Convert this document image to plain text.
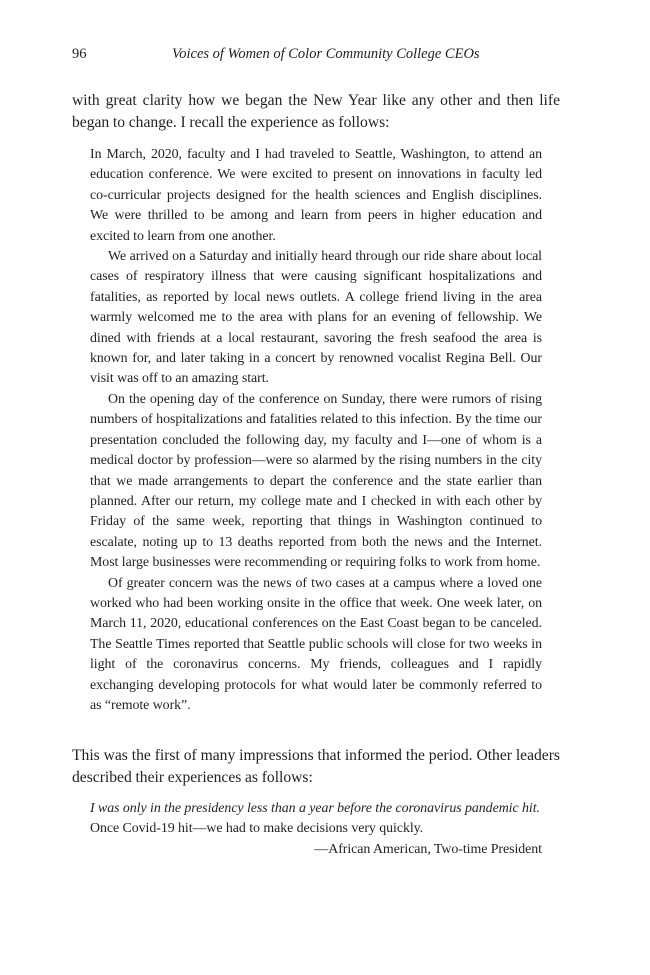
96	Voices of Women of Color Community College CEOs

with great clarity how we began the New Year like any other and then life began to change. I recall the experience as follows:

In March, 2020, faculty and I had traveled to Seattle, Washington, to attend an education conference. We were excited to present on innovations in faculty led co-curricular projects designed for the health sciences and English disciplines. We were thrilled to be among and learn from peers in higher education and excited to learn from one another.

We arrived on a Saturday and initially heard through our ride share about local cases of respiratory illness that were causing significant hospitalizations and fatalities, as reported by local news outlets. A college friend living in the area warmly welcomed me to the area with plans for an evening of fellowship. We dined with friends at a local restaurant, savoring the fresh seafood the area is known for, and later taking in a concert by renowned vocalist Regina Bell. Our visit was off to an amazing start.

On the opening day of the conference on Sunday, there were rumors of rising numbers of hospitalizations and fatalities related to this infection. By the time our presentation concluded the following day, my faculty and I—one of whom is a medical doctor by profession—were so alarmed by the rising numbers in the city that we made arrangements to depart the conference and the state earlier than planned. After our return, my college mate and I checked in with each other by Friday of the same week, reporting that things in Washington continued to escalate, noting up to 13 deaths reported from both the news and the Internet. Most large businesses were recommending or requiring folks to work from home.

Of greater concern was the news of two cases at a campus where a loved one worked who had been working onsite in the office that week. One week later, on March 11, 2020, educational conferences on the East Coast began to be canceled. The Seattle Times reported that Seattle public schools will close for two weeks in light of the coronavirus concerns. My friends, colleagues and I rapidly exchanging developing protocols for what would later be commonly referred to as “remote work”.

This was the first of many impressions that informed the period. Other leaders described their experiences as follows:

I was only in the presidency less than a year before the coronavirus pandemic hit.

Once Covid-19 hit—we had to make decisions very quickly.

—African American, Two-time President
